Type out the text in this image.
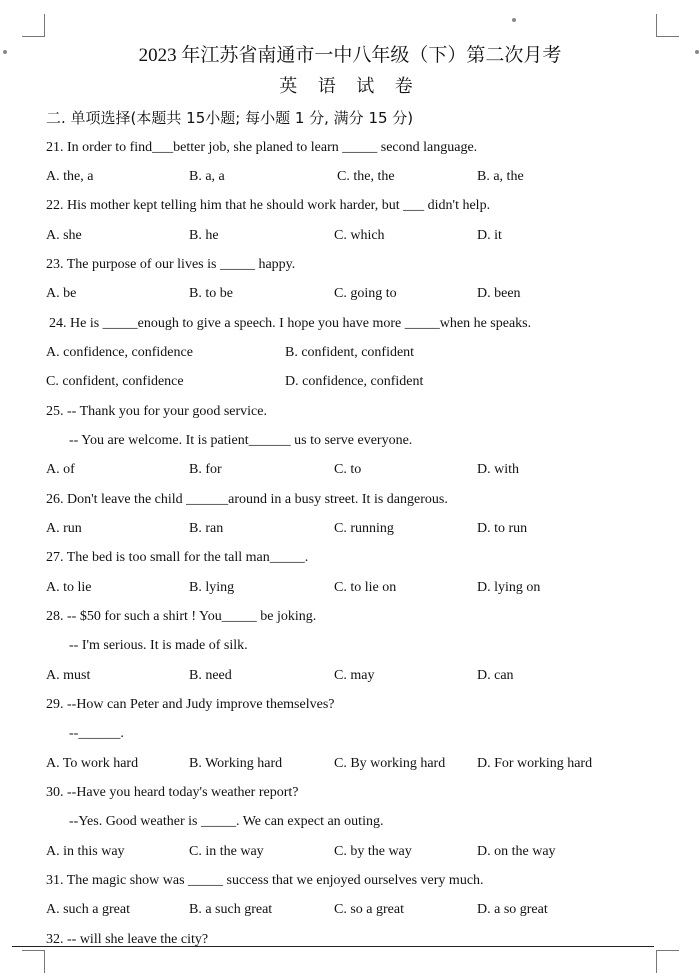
2023 年江苏省南通市一中八年级（下）第二次月考
英 语 试 卷
二. 单项选择(本题共 15小题; 每小题 1 分, 满分 15 分)
21. In order to find___better job, she planed to learn _____ second language.
A. the, a	B. a, a	C. the, the	B. a, the
22. His mother kept telling him that he should work harder, but ___ didn't help.
A. she	B. he	C. which	D. it
23. The purpose of our lives is _____ happy.
A. be	B. to be	C. going to	D. been
24. He is _____enough to give a speech. I hope you have more _____when he speaks.
A. confidence, confidence	B. confident, confident
C. confident, confidence	D. confidence, confident
25. -- Thank you for your good service.
-- You are welcome. It is patient______ us to serve everyone.
A. of	B. for	C. to	D. with
26. Don't leave the child ______around in a busy street. It is dangerous.
A. run	B. ran	C. running	D. to run
27. The bed is too small for the tall man_____.
A. to lie	B. lying	C. to lie on	D. lying on
28. -- $50 for such a shirt ! You_____ be joking.
-- I'm serious. It is made of silk.
A. must	B. need	C. may	D. can
29. --How can Peter and Judy improve themselves?
--______.
A. To work hard	B. Working hard	C. By working hard D. For working hard
30. --Have you heard today's weather report?
--Yes. Good weather is _____. We can expect an outing.
A. in this way	C. in the way	C. by the way	D. on the way
31. The magic show was _____ success that we enjoyed ourselves very much.
A. such a great	B. a such great	C. so a great	D. a so great
32. -- will she leave the city?
